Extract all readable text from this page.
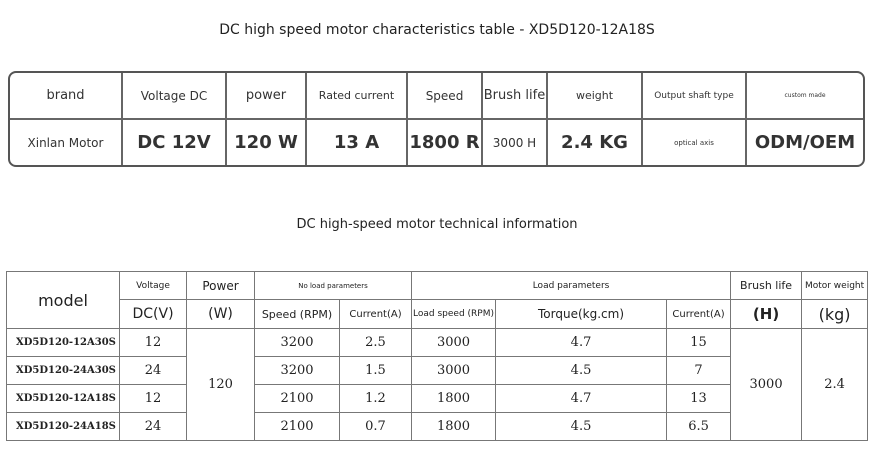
DC high speed motor characteristics table - XD5D120-12A18S
brand	Voltage DC	power	Rated current	Speed	Brush life	weight	Output shaft type	custom made
Xinlan Motor	DC 12V	120 W	13 A	1800 R	3000 H	2.4 KG	optical axis	ODM/OEM
DC high-speed motor technical information
model	Voltage	Power	No load parameters		Load parameters			Brush life	Motor weight
	DC(V)	(W)	Speed (RPM)	Current(A)	Load speed (RPM)	Torque(kg.cm)	Current(A)	(H)	(kg)
XD5D120-12A30S	12	120	3200	2.5	3000	4.7	15	3000	2.4
XD5D120-24A30S	24		3200	1.5	3000	4.5	7		
XD5D120-12A18S	12		2100	1.2	1800	4.7	13		
XD5D120-24A18S	24		2100	0.7	1800	4.5	6.5		
